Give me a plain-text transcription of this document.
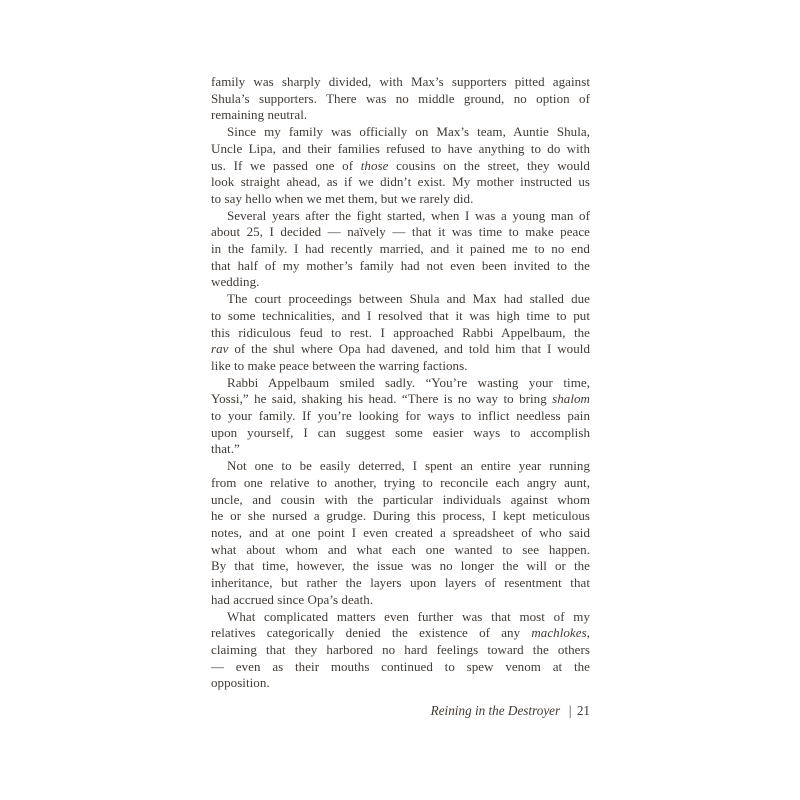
family was sharply divided, with Max’s supporters pitted against
Shula’s supporters. There was no middle ground, no option of
remaining neutral.
Since my family was officially on Max’s team, Auntie Shula,
Uncle Lipa, and their families refused to have anything to do with
us. If we passed one of those cousins on the street, they would
look straight ahead, as if we didn’t exist. My mother instructed us
to say hello when we met them, but we rarely did.
Several years after the fight started, when I was a young man of
about 25, I decided — naïvely — that it was time to make peace
in the family. I had recently married, and it pained me to no end
that half of my mother’s family had not even been invited to the
wedding.
The court proceedings between Shula and Max had stalled due
to some technicalities, and I resolved that it was high time to put
this ridiculous feud to rest. I approached Rabbi Appelbaum, the
rav of the shul where Opa had davened, and told him that I would
like to make peace between the warring factions.
Rabbi Appelbaum smiled sadly. “You’re wasting your time,
Yossi,” he said, shaking his head. “There is no way to bring shalom
to your family. If you’re looking for ways to inflict needless pain
upon yourself, I can suggest some easier ways to accomplish
that.”
Not one to be easily deterred, I spent an entire year running
from one relative to another, trying to reconcile each angry aunt,
uncle, and cousin with the particular individuals against whom
he or she nursed a grudge. During this process, I kept meticulous
notes, and at one point I even created a spreadsheet of who said
what about whom and what each one wanted to see happen.
By that time, however, the issue was no longer the will or the
inheritance, but rather the layers upon layers of resentment that
had accrued since Opa’s death.
What complicated matters even further was that most of my
relatives categorically denied the existence of any machlokes,
claiming that they harbored no hard feelings toward the others
— even as their mouths continued to spew venom at the
opposition.
Reining in the Destroyer | 21
